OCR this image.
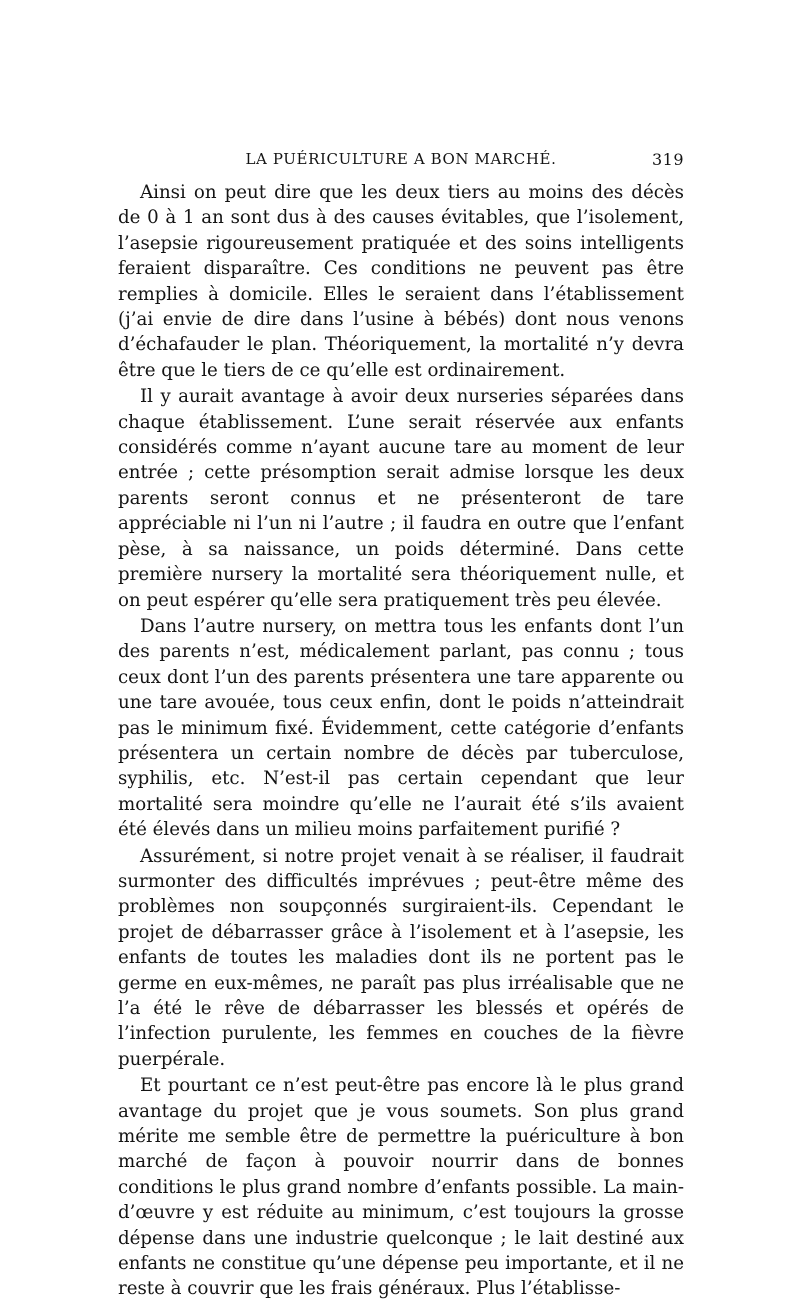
LA PUÉRICULTURE A BON MARCHÉ.	319

Ainsi on peut dire que les deux tiers au moins des décès de 0 à 1 an sont dus à des causes évitables, que l’isolement, l’asepsie rigoureusement pratiquée et des soins intelligents feraient disparaître. Ces conditions ne peuvent pas être remplies à domicile. Elles le seraient dans l’établissement (j’ai envie de dire dans l’usine à bébés) dont nous venons d’échafauder le plan. Théoriquement, la mortalité n’y devra être que le tiers de ce qu’elle est ordinairement.

Il y aurait avantage à avoir deux nurseries séparées dans chaque établissement. L’une serait réservée aux enfants considérés comme n’ayant aucune tare au moment de leur entrée ; cette présomption serait admise lorsque les deux parents seront connus et ne présenteront de tare appréciable ni l’un ni l’autre ; il faudra en outre que l’enfant pèse, à sa naissance, un poids déterminé. Dans cette première nursery la mortalité sera théoriquement nulle, et on peut espérer qu’elle sera pratiquement très peu élevée.

Dans l’autre nursery, on mettra tous les enfants dont l’un des parents n’est, médicalement parlant, pas connu ; tous ceux dont l’un des parents présentera une tare apparente ou une tare avouée, tous ceux enfin, dont le poids n’atteindrait pas le minimum fixé. Évidemment, cette catégorie d’enfants présentera un certain nombre de décès par tuberculose, syphilis, etc. N’est-il pas certain cependant que leur mortalité sera moindre qu’elle ne l’aurait été s’ils avaient été élevés dans un milieu moins parfaitement purifié ?

Assurément, si notre projet venait à se réaliser, il faudrait surmonter des difficultés imprévues ; peut-être même des problèmes non soupçonnés surgiraient-ils. Cependant le projet de débarrasser grâce à l’isolement et à l’asepsie, les enfants de toutes les maladies dont ils ne portent pas le germe en eux-mêmes, ne paraît pas plus irréalisable que ne l’a été le rêve de débarrasser les blessés et opérés de l’infection purulente, les femmes en couches de la fièvre puerpérale.

Et pourtant ce n’est peut-être pas encore là le plus grand avantage du projet que je vous soumets. Son plus grand mérite me semble être de permettre la puériculture à bon marché de façon à pouvoir nourrir dans de bonnes conditions le plus grand nombre d’enfants possible. La main-d’œuvre y est réduite au minimum, c’est toujours la grosse dépense dans une industrie quelconque ; le lait destiné aux enfants ne constitue qu’une dépense peu importante, et il ne reste à couvrir que les frais généraux. Plus l’établisse-
